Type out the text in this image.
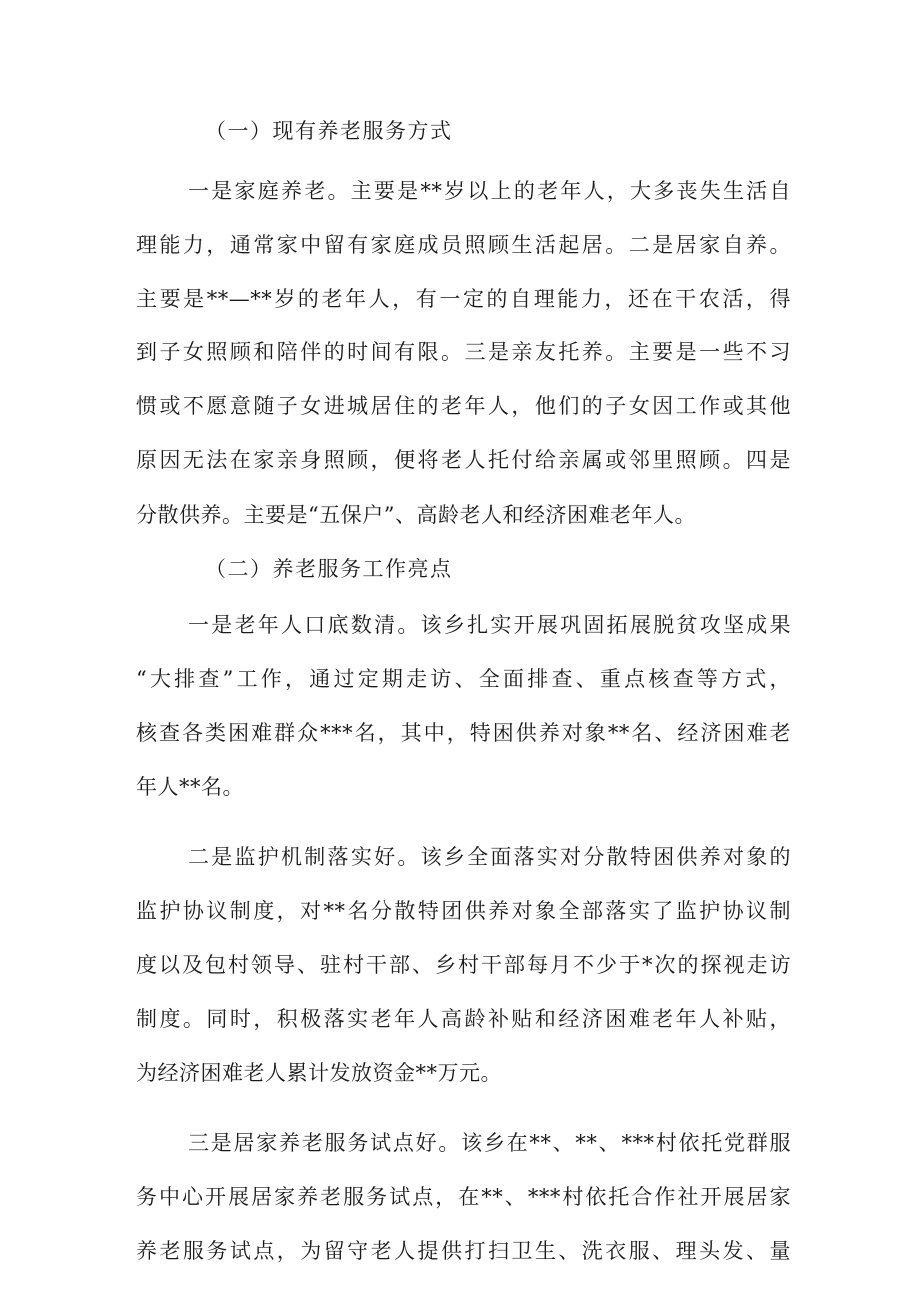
（一）现有养老服务方式
一是家庭养老。主要是**岁以上的老年人，大多丧失生活自
理能力，通常家中留有家庭成员照顾生活起居。二是居家自养。
主要是**—**岁的老年人，有一定的自理能力，还在干农活，得
到子女照顾和陪伴的时间有限。三是亲友托养。主要是一些不习
惯或不愿意随子女进城居住的老年人，他们的子女因工作或其他
原因无法在家亲身照顾，便将老人托付给亲属或邻里照顾。四是
分散供养。主要是“五保户”、高龄老人和经济困难老年人。
（二）养老服务工作亮点
一是老年人口底数清。该乡扎实开展巩固拓展脱贫攻坚成果
“大排查”工作，通过定期走访、全面排查、重点核查等方式，
核查各类困难群众***名，其中，特困供养对象**名、经济困难老
年人**名。
二是监护机制落实好。该乡全面落实对分散特困供养对象的
监护协议制度，对**名分散特团供养对象全部落实了监护协议制
度以及包村领导、驻村干部、乡村干部每月不少于*次的探视走访
制度。同时，积极落实老年人高龄补贴和经济困难老年人补贴，
为经济困难老人累计发放资金**万元。
三是居家养老服务试点好。该乡在**、**、***村依托党群服
务中心开展居家养老服务试点，在**、***村依托合作社开展居家
养老服务试点，为留守老人提供打扫卫生、洗衣服、理头发、量
